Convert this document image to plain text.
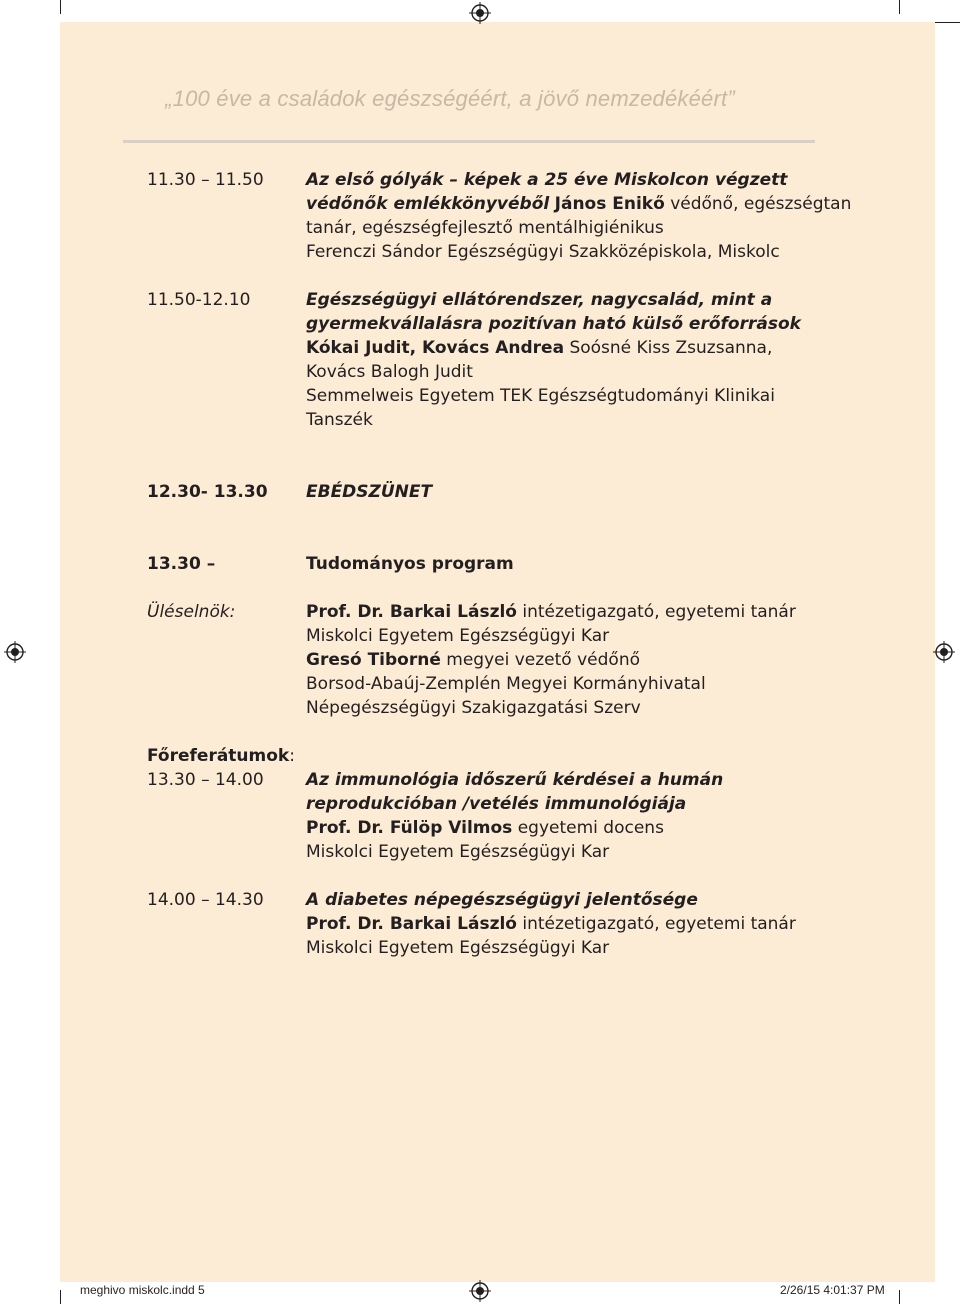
„100 éve a családok egészségéért, a jövő nemzedékéért”
11.30 – 11.50 Az első gólyák – képek a 25 éve Miskolcon végzett
védőnők emlékkönyvéből János Enikő védőnő, egészségtan
tanár, egészségfejlesztő mentálhigiénikus
Ferenczi Sándor Egészségügyi Szakközépiskola, Miskolc
11.50-12.10	Egészségügyi ellátórendszer, nagycsalád, mint a
gyermekvállalásra pozitívan ható külső erőforrások
Kókai Judit, Kovács Andrea Soósné Kiss Zsuzsanna,
Kovács Balogh Judit
Semmelweis Egyetem TEK Egészségtudományi Klinikai
Tanszék
12.30- 13.30 EBÉDSZÜNET
13.30 –	Tudományos program
Üléselnök:	Prof. Dr. Barkai László intézetigazgató, egyetemi tanár
Miskolci Egyetem Egészségügyi Kar
Gresó Tiborné megyei vezető védőnő
Borsod-Abaúj-Zemplén Megyei Kormányhivatal
Népegészségügyi Szakigazgatási Szerv
Főreferátumok:
13.30 – 14.00 Az immunológia időszerű kérdései a humán
reprodukcióban /vetélés immunológiája
Prof. Dr. Fülöp Vilmos egyetemi docens
Miskolci Egyetem Egészségügyi Kar
14.00 – 14.30 A diabetes népegészségügyi jelentősége
Prof. Dr. Barkai László intézetigazgató, egyetemi tanár
Miskolci Egyetem Egészségügyi Kar
meghivo miskolc.indd 5	2/26/15 4:01:37 PM
